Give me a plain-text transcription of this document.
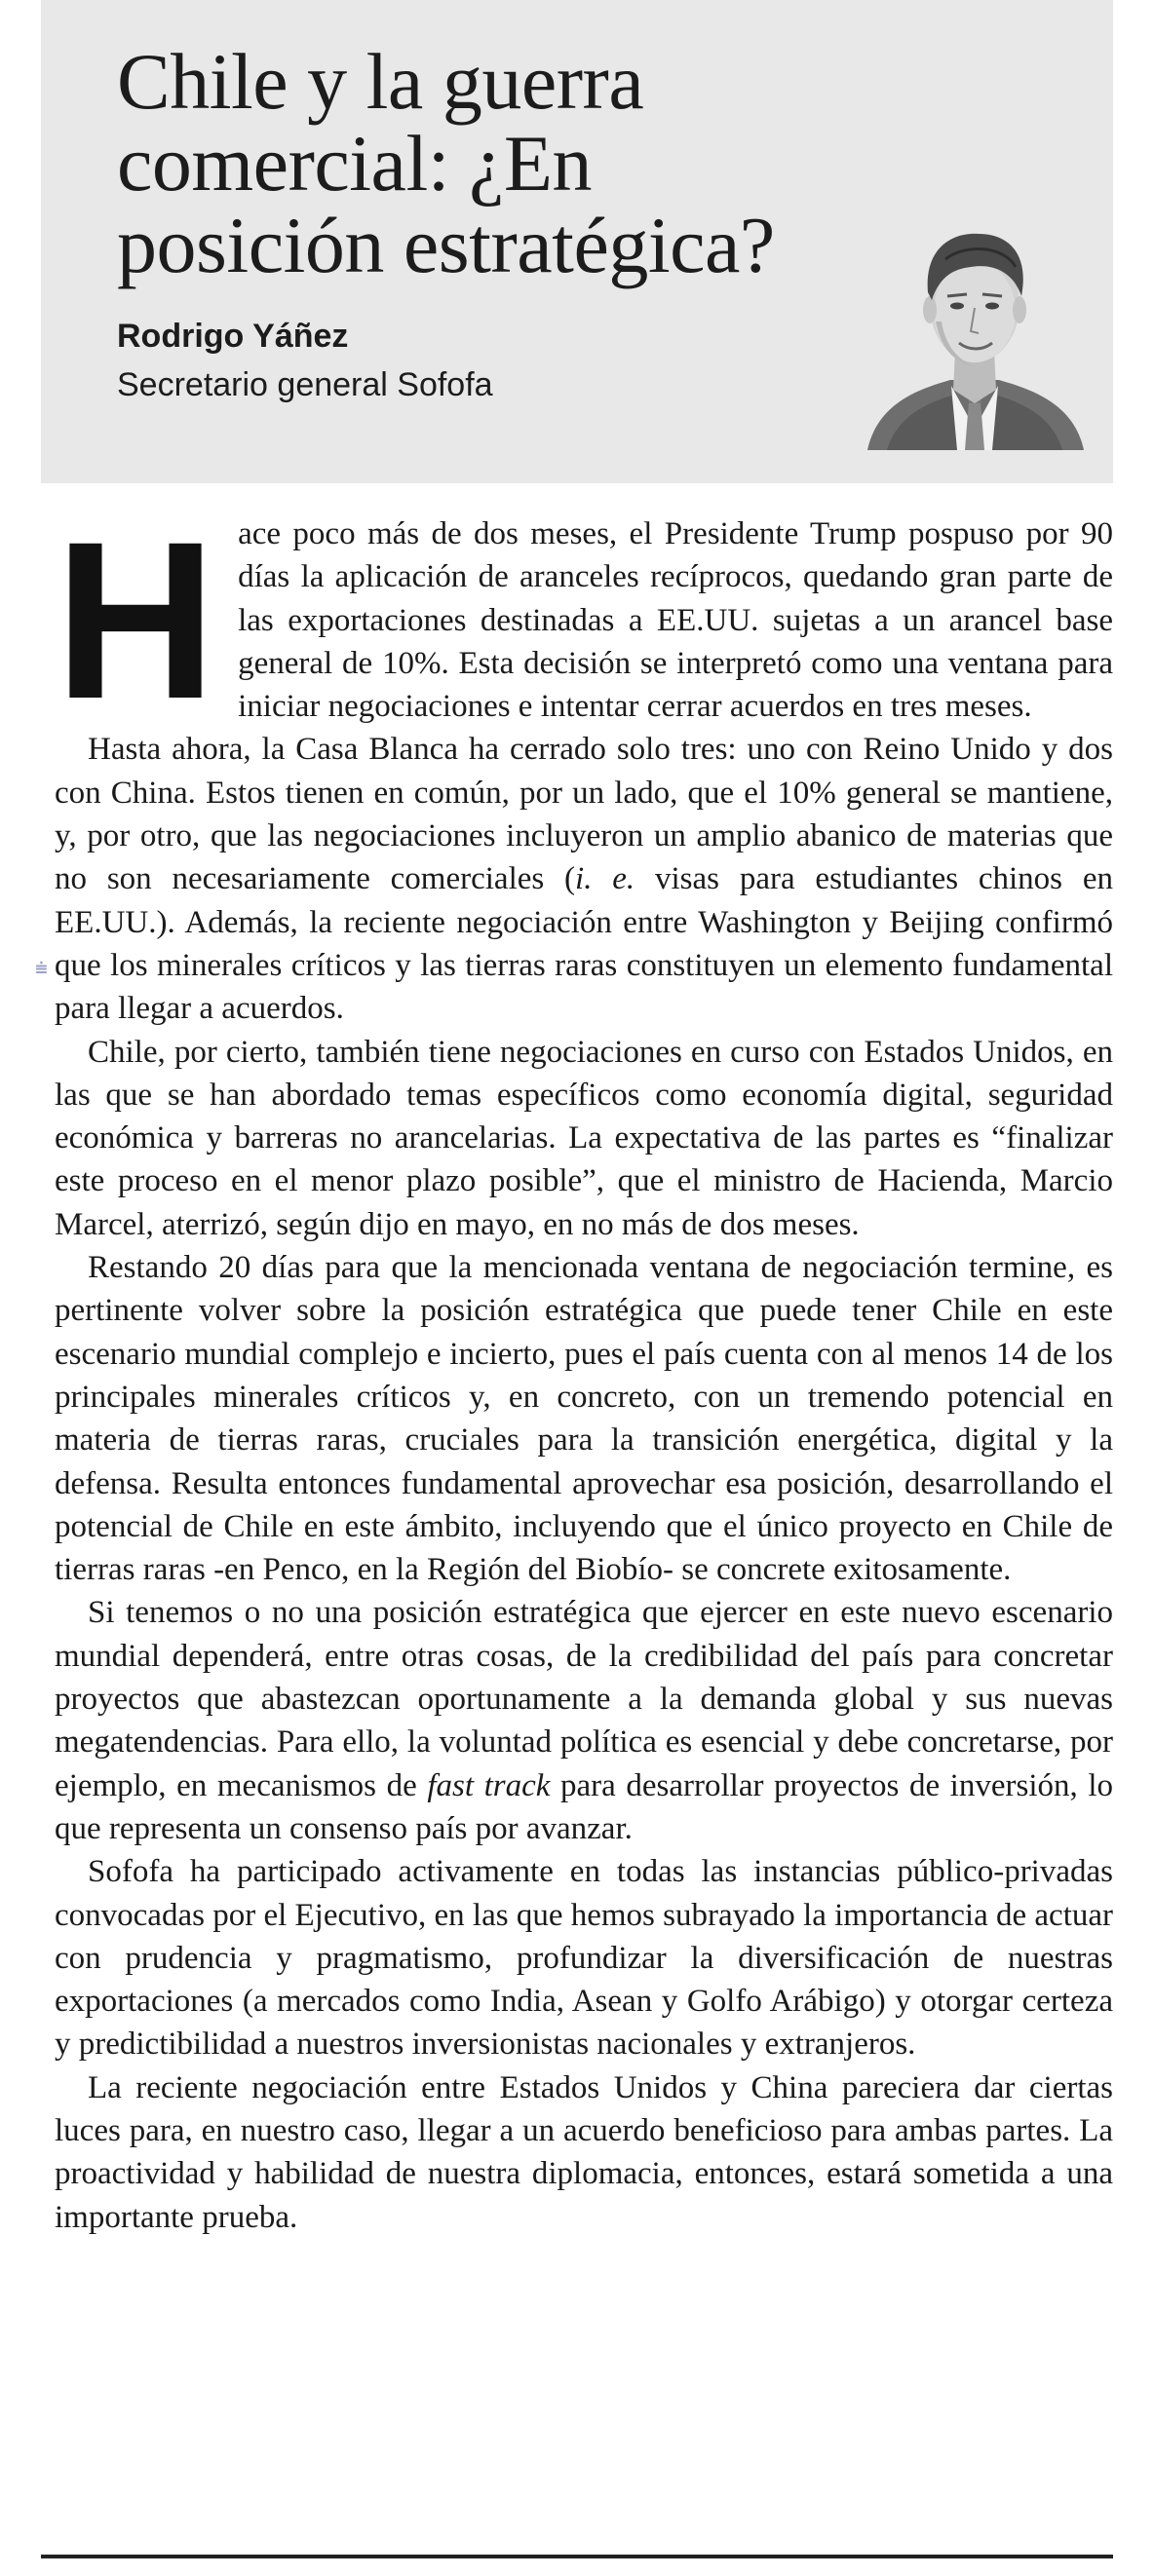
Chile y la guerra comercial: ¿En posición estratégica?
Rodrigo Yáñez
Secretario general Sofofa
⩧

Hace poco más de dos meses, el Presidente Trump pospuso por 90 días la aplicación de aranceles recíprocos, quedando gran parte de las exportaciones destinadas a EE.UU. sujetas a un arancel base general de 10%. Esta decisión se interpretó como una ventana para iniciar negociaciones e intentar cerrar acuerdos en tres meses.

Hasta ahora, la Casa Blanca ha cerrado solo tres: uno con Reino Unido y dos con China. Estos tienen en común, por un lado, que el 10% general se mantiene, y, por otro, que las negociaciones incluyeron un amplio abanico de materias que no son necesariamente comerciales (i. e. visas para estudiantes chinos en EE.UU.). Además, la reciente negociación entre Washington y Beijing confirmó que los minerales críticos y las tierras raras constituyen un elemento fundamental para llegar a acuerdos.

Chile, por cierto, también tiene negociaciones en curso con Estados Unidos, en las que se han abordado temas específicos como economía digital, seguridad económica y barreras no arancelarias. La expectativa de las partes es “finalizar este proceso en el menor plazo posible”, que el ministro de Hacienda, Marcio Marcel, aterrizó, según dijo en mayo, en no más de dos meses.

Restando 20 días para que la mencionada ventana de negociación termine, es pertinente volver sobre la posición estratégica que puede tener Chile en este escenario mundial complejo e incierto, pues el país cuenta con al menos 14 de los principales minerales críticos y, en concreto, con un tremendo potencial en materia de tierras raras, cruciales para la transición energética, digital y la defensa. Resulta entonces fundamental aprovechar esa posición, desarrollando el potencial de Chile en este ámbito, incluyendo que el único proyecto en Chile de tierras raras -en Penco, en la Región del Biobío- se concrete exitosamente.

Si tenemos o no una posición estratégica que ejercer en este nuevo escenario mundial dependerá, entre otras cosas, de la credibilidad del país para concretar proyectos que abastezcan oportunamente a la demanda global y sus nuevas megatendencias. Para ello, la voluntad política es esencial y debe concretarse, por ejemplo, en mecanismos de fast track para desarrollar proyectos de inversión, lo que representa un consenso país por avanzar.

Sofofa ha participado activamente en todas las instancias público-privadas convocadas por el Ejecutivo, en las que hemos subrayado la importancia de actuar con prudencia y pragmatismo, profundizar la diversificación de nuestras exportaciones (a mercados como India, Asean y Golfo Arábigo) y otorgar certeza y predictibilidad a nuestros inversionistas nacionales y extranjeros.

La reciente negociación entre Estados Unidos y China pareciera dar ciertas luces para, en nuestro caso, llegar a un acuerdo beneficioso para ambas partes. La proactividad y habilidad de nuestra diplomacia, entonces, estará sometida a una importante prueba.
